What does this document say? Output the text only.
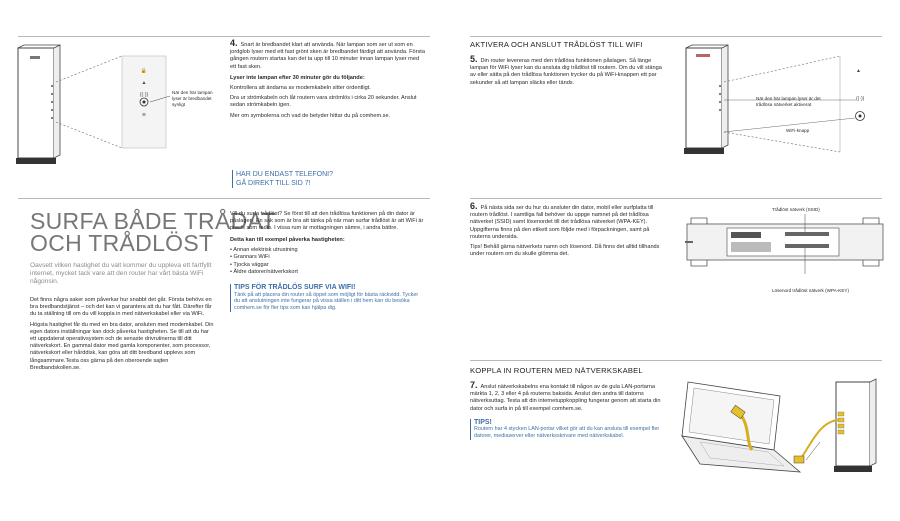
🔒
▲
((·))
≋
När den här lampan lyser är bredbandet synligt

4. Snart är bredbandet klart att använda. När lampan som ser ut som en jordglob lyser med ett fast grönt sken är bredbandet färdigt att använda. Första gången routern startas kan det ta upp till 10 minuter innan lampan lyser med ett fast sken.

Lyser inte lampan efter 30 minuter gör du följande:

Kontrollera att ändarna av modemkabeln sitter ordentligt.

Dra ur strömkabeln och låt routern vara strömlös i cirka 20 sekunder. Anslut sedan strömkabeln igen.

Mer om symbolerna och vad de betyder hittar du på comhem.se.

HAR DU ENDAST TELEFONI?
GÅ DIREKT TILL SID 7!
SURFA BÅDE TRÅDAT
OCH TRÅDLÖST
Oavsett vilken hastighet du valt kommer du uppleva ett fartfyllt internet, mycket tack vare att den router har vårt bästa WiFi någonsin.

Det finns några saker som påverkar hur snabbt det går. Första behövs en bra bredbandstjänst – och det kan vi garantera att du har fått. Därefter får du ta ställning till om du vill koppla in med nätverkskabel eller via WiFi.

Högsta hastighet får du med en bra dator, ansluten med modemkabel. Din egen dators inställningar kan dock påverka hastigheten. Se till att du har ett uppdaterat operativsystem och de senaste drivrutinerna till ditt nätverkskort. En gammal dator med gamla komponenter, som processor, nätverkskort eller hårddisk, kan göra att ditt bredband upplevs som långsammare.Testa oss gärna på den oberoende sajten Bredbandskollen.se.

Vill du surfa trådlöst? Se först till att den trådlösa funktionen på din dator är påslagen. En sak som är bra att tänka på när man surfar trådlöst är att WiFi är precis som radio. I vissa rum är mottagningen sämre, i andra bättre.

Detta kan till exempel påverka hastigheten:

• Annan elektrisk utrustning
• Grannars WiFi
• Tjocka väggar
• Äldre datorer/nätverkskort
TIPS FÖR TRÅDLÖS SURF VIA WIFI!
Tänk på att placera din router så öppet som möjligt för bästa räckvidd. Tycker du att anslutningen inte fungerar på vissa ställen i ditt hem kan du besöka comhem.se för fler tips som kan hjälpa dig.
AKTIVERA OCH ANSLUT TRÅDLÖST TILL WIFI

5. Din router levereras med den trådlösa funktionen påslagen. Så länge lampan för WiFi lyser kan du ansluta dig trådlöst till routern. Om du vill stänga av eller sätta på den trådlösa funktionen trycker du på WiFi-knappen ett par sekunder så att lampan släcks eller tänds.

▲
((·))
När den här lampan lyser är det trådlösa nätverket aktiverat
WiFi-knapp

6. På nästa sida ser du hur du ansluter din dator, mobil eller surfplatta till routern trådlöst. I samtliga fall behöver du uppge namnet på det trådlösa nätverket (SSID) samt lösenordet till det trådlösa nätverket (WPA-KEY). Uppgifterna finns på den etikett som följde med i förpackningen, samt på routerns undersida.

Tips! Behåll gärna nätverkets namn och lösenord. Då finns det alltid tillhands under routern om du skulle glömma det.

Trådlöst nätverk (SSID)
Lösenord trådlöst nätverk (WPA-KEY)
KOPPLA IN ROUTERN MED NÄTVERKSKABEL

7. Anslut nätverkskabelns ena kontakt till någon av de gula LAN-portarna märkta 1, 2, 3 eller 4 på routerns baksida. Anslut den andra till datorns nätverksuttag. Testa att din internetuppkoppling fungerar genom att starta din dator och surfa in på till exempel comhem.se.

TIPS!
Routern har 4 stycken LAN-portar vilket gör att du kan ansluta till exempel fler datorer, mediaserver eller nätverksskrivare med nätverkskabel.
